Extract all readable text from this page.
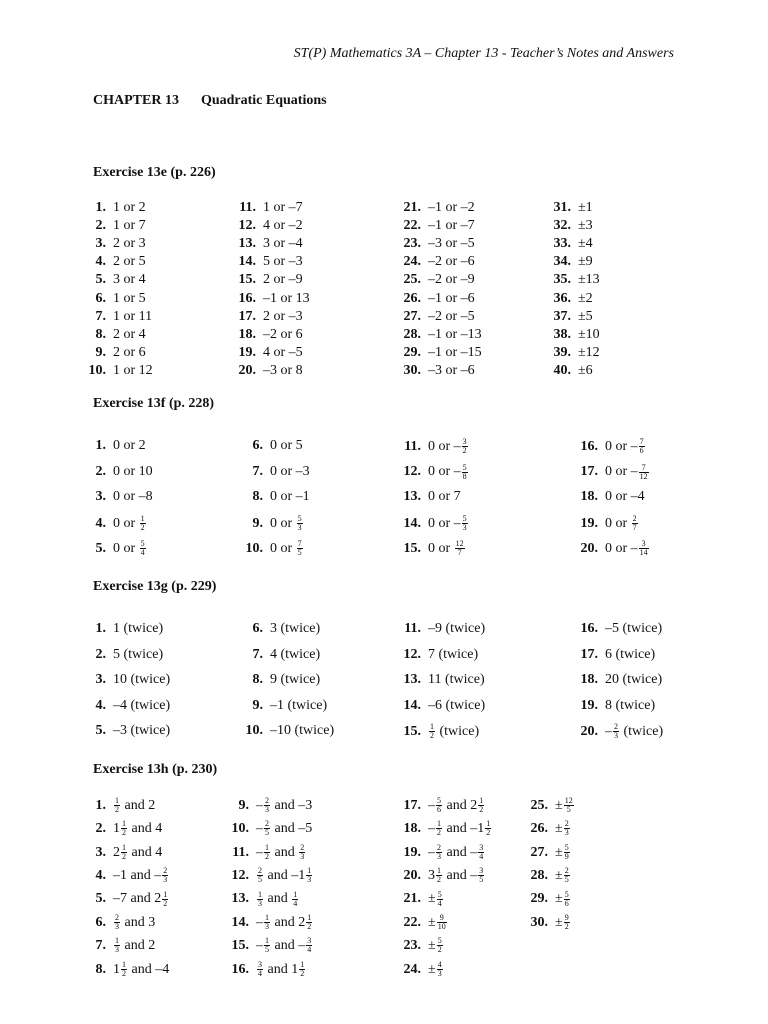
ST(P) Mathematics 3A – Chapter 13 - Teacher’s Notes and Answers
CHAPTER 13 Quadratic Equations
Exercise 13e (p. 226)
Exercise 13f (p. 228)
Exercise 13g (p. 229)
Exercise 13h (p. 230)
1. 1 or 2
2. 1 or 7
3. 2 or 3
4. 2 or 5
5. 3 or 4
6. 1 or 5
7. 1 or 11
8. 2 or 4
9. 2 or 6
10. 1 or 12
11. 1 or –7
12. 4 or –2
13. 3 or –4
14. 5 or –3
15. 2 or –9
16. –1 or 13
17. 2 or –3
18. –2 or 6
19. 4 or –5
20. –3 or 8
21. –1 or –2
22. –1 or –7
23. –3 or –5
24. –2 or –6
25. –2 or –9
26. –1 or –6
27. –2 or –5
28. –1 or –13
29. –1 or –15
30. –3 or –6
31. ±1
32. ±3
33. ±4
34. ±9
35. ±13
36. ±2
37. ±5
38. ±10
39. ±12
40. ±6
1. 0 or 2
2. 0 or 10
3. 0 or –8
4. 0 or $\frac{1}{2}$
5. 0 or $\frac{5}{4}$
6. 0 or 5
7. 0 or –3
8. 0 or –1
9. 0 or $\frac{5}{3}$
10. 0 or $\frac{7}{5}$
11. 0 or – $\frac{3}{2}$
12. 0 or – $\frac{5}{8}$
13. 0 or 7
14. 0 or – $\frac{5}{3}$
15. 0 or $\frac{12}{7}$
16. 0 or – $\frac{7}{6}$
17. 0 or – $\frac{7}{12}$
18. 0 or –4
19. 0 or $\frac{2}{7}$
20. 0 or – $\frac{3}{14}$
1. 1 (twice)
2. 5 (twice)
3. 10 (twice)
4. –4 (twice)
5. –3 (twice)
6. 3 (twice)
7. 4 (twice)
8. 9 (twice)
9. –1 (twice)
10. –10 (twice)
11. –9 (twice)
12. 7 (twice)
13. 11 (twice)
14. –6 (twice)
15. $\frac{1}{2}$ (twice)
16. –5 (twice)
17. 6 (twice)
18. 20 (twice)
19. 8 (twice)
20. – $\frac{2}{3}$ (twice)
1. $\frac{1}{2}$ and 2
2. $1 \frac{1}{2}$ and 4
3. $2 \frac{1}{2}$ and 4
4. –1 and – $\frac{2}{3}$
5. –7 and $2 \frac{1}{2}$
6. $\frac{2}{3}$ and 3
7. $\frac{1}{3}$ and 2
8. $1 \frac{1}{2}$ and –4
9. – $\frac{2}{3}$ and –3
10. – $\frac{2}{5}$ and –5
11. – $\frac{1}{2}$ and $\frac{2}{3}$
12. $\frac{2}{5}$ and $-1 \frac{1}{3}$
13. $\frac{1}{3}$ and $\frac{1}{4}$
14. – $\frac{1}{3}$ and $2 \frac{1}{2}$
15. – $\frac{1}{5}$ and – $\frac{3}{4}$
16. $\frac{3}{4}$ and $1 \frac{1}{2}$
17. – $\frac{5}{6}$ and $2 \frac{1}{2}$
18. – $\frac{1}{2}$ and $-1 \frac{1}{2}$
19. – $\frac{2}{3}$ and – $\frac{3}{4}$
20. $3 \frac{1}{2}$ and – $\frac{3}{5}$
21. ± $\frac{5}{4}$
22. ± $\frac{9}{10}$
23. ± $\frac{5}{2}$
24. ± $\frac{4}{3}$
25. ± $\frac{12}{5}$
26. ± $\frac{2}{3}$
27. ± $\frac{5}{9}$
28. ± $\frac{2}{5}$
29. ± $\frac{5}{6}$
30. ± $\frac{9}{2}$
